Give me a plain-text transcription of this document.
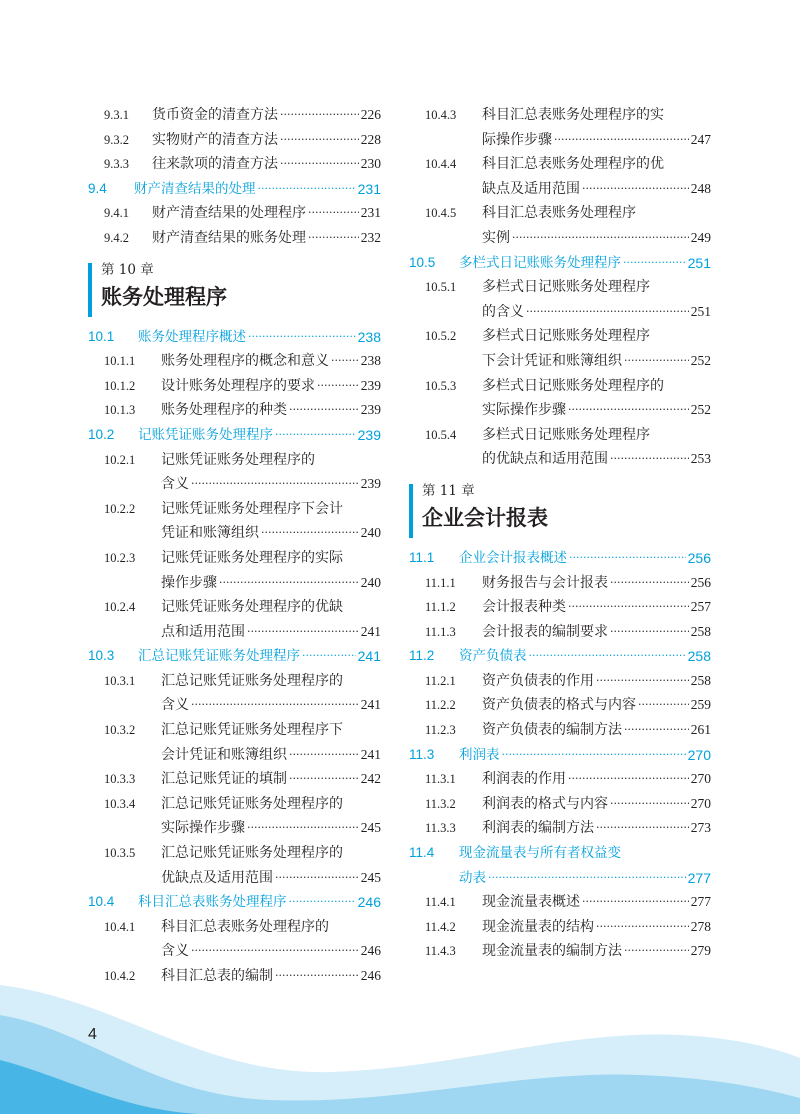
9.3.1	货币资金的清查方法 ·····	226
9.3.2	实物财产的清查方法 ·····	228
9.3.3	往来款项的清查方法 ·····	230
9.4	财产清查结果的处理 ·····	231
9.4.1	财产清查结果的处理程序 ·····	231
9.4.2	财产清查结果的账务处理 ·····	232
第 10 章
账务处理程序
10.1	账务处理程序概述 ·····	238
10.1.1	账务处理程序的概念和意义 ····· 238
10.1.2	设计账务处理程序的要求 ·····	239
10.1.3	账务处理程序的种类 ·····	239
10.2	记账凭证账务处理程序 ·····	239
10.2.1	记账凭证账务处理程序的
含义 ·····	239
10.2.2	记账凭证账务处理程序下会计
凭证和账簿组织 ·····	240
10.2.3	记账凭证账务处理程序的实际
操作步骤 ·····	240
10.2.4	记账凭证账务处理程序的优缺
点和适用范围 ·····	241
10.3	汇总记账凭证账务处理程序 ·····	241
10.3.1	汇总记账凭证账务处理程序的
含义 ·····	241
10.3.2	汇总记账凭证账务处理程序下
会计凭证和账簿组织 ·····	241
10.3.3	汇总记账凭证的填制 ·····	242
10.3.4	汇总记账凭证账务处理程序的
实际操作步骤 ·····	245
10.3.5	汇总记账凭证账务处理程序的
优缺点及适用范围 ·····	245
10.4	科目汇总表账务处理程序 ·····	246
10.4.1	科目汇总表账务处理程序的
含义 ·····	246
10.4.2	科目汇总表的编制 ·····	246
10.4.3	科目汇总表账务处理程序的实
际操作步骤 ·····	247
10.4.4	科目汇总表账务处理程序的优
缺点及适用范围 ·····	248
10.4.5	科目汇总表账务处理程序
实例 ·····	249
10.5	多栏式日记账账务处理程序 ·····	251
10.5.1	多栏式日记账账务处理程序
的含义 ·····	251
10.5.2	多栏式日记账账务处理程序
下会计凭证和账簿组织 ·····	252
10.5.3	多栏式日记账账务处理程序的
实际操作步骤 ·····	252
10.5.4	多栏式日记账账务处理程序
的优缺点和适用范围 ·····	253
第 11 章
企业会计报表
11.1	企业会计报表概述 ·····	256
11.1.1	财务报告与会计报表 ·····	256
11.1.2	会计报表种类 ·····	257
11.1.3	会计报表的编制要求 ·····	258
11.2	资产负债表 ·····	258
11.2.1	资产负债表的作用 ·····	258
11.2.2	资产负债表的格式与内容 ·····	259
11.2.3	资产负债表的编制方法 ·····	261
11.3	利润表 ·····	270
11.3.1	利润表的作用 ·····	270
11.3.2	利润表的格式与内容 ·····	270
11.3.3	利润表的编制方法 ·····	273
11.4	现金流量表与所有者权益变
动表 ·····	277
11.4.1	现金流量表概述 ·····	277
11.4.2	现金流量表的结构 ·····	278
11.4.3	现金流量表的编制方法 ·····	279
4
